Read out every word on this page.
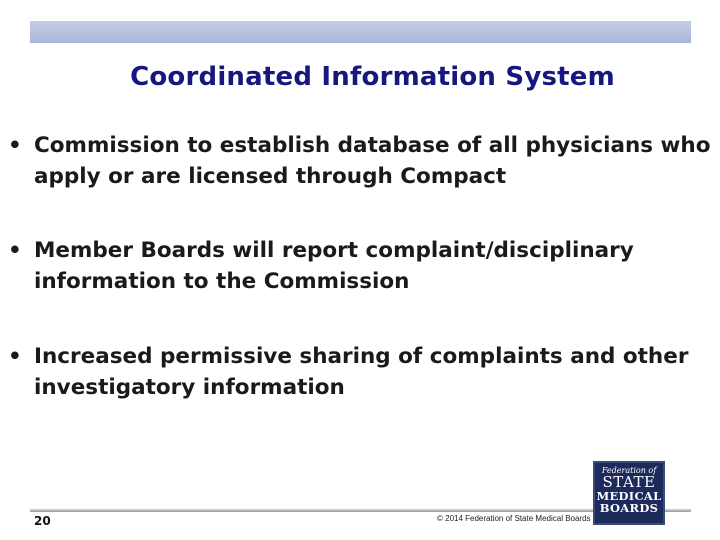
Coordinated Information System
• Commission to establish database of all physicians who apply or are licensed through Compact
• Member Boards will report complaint/disciplinary information to the Commission
• Increased permissive sharing of complaints and other investigatory information
20	© 2014 Federation of State Medical Boards
Federation of
STATE
MEDICAL
BOARDS
